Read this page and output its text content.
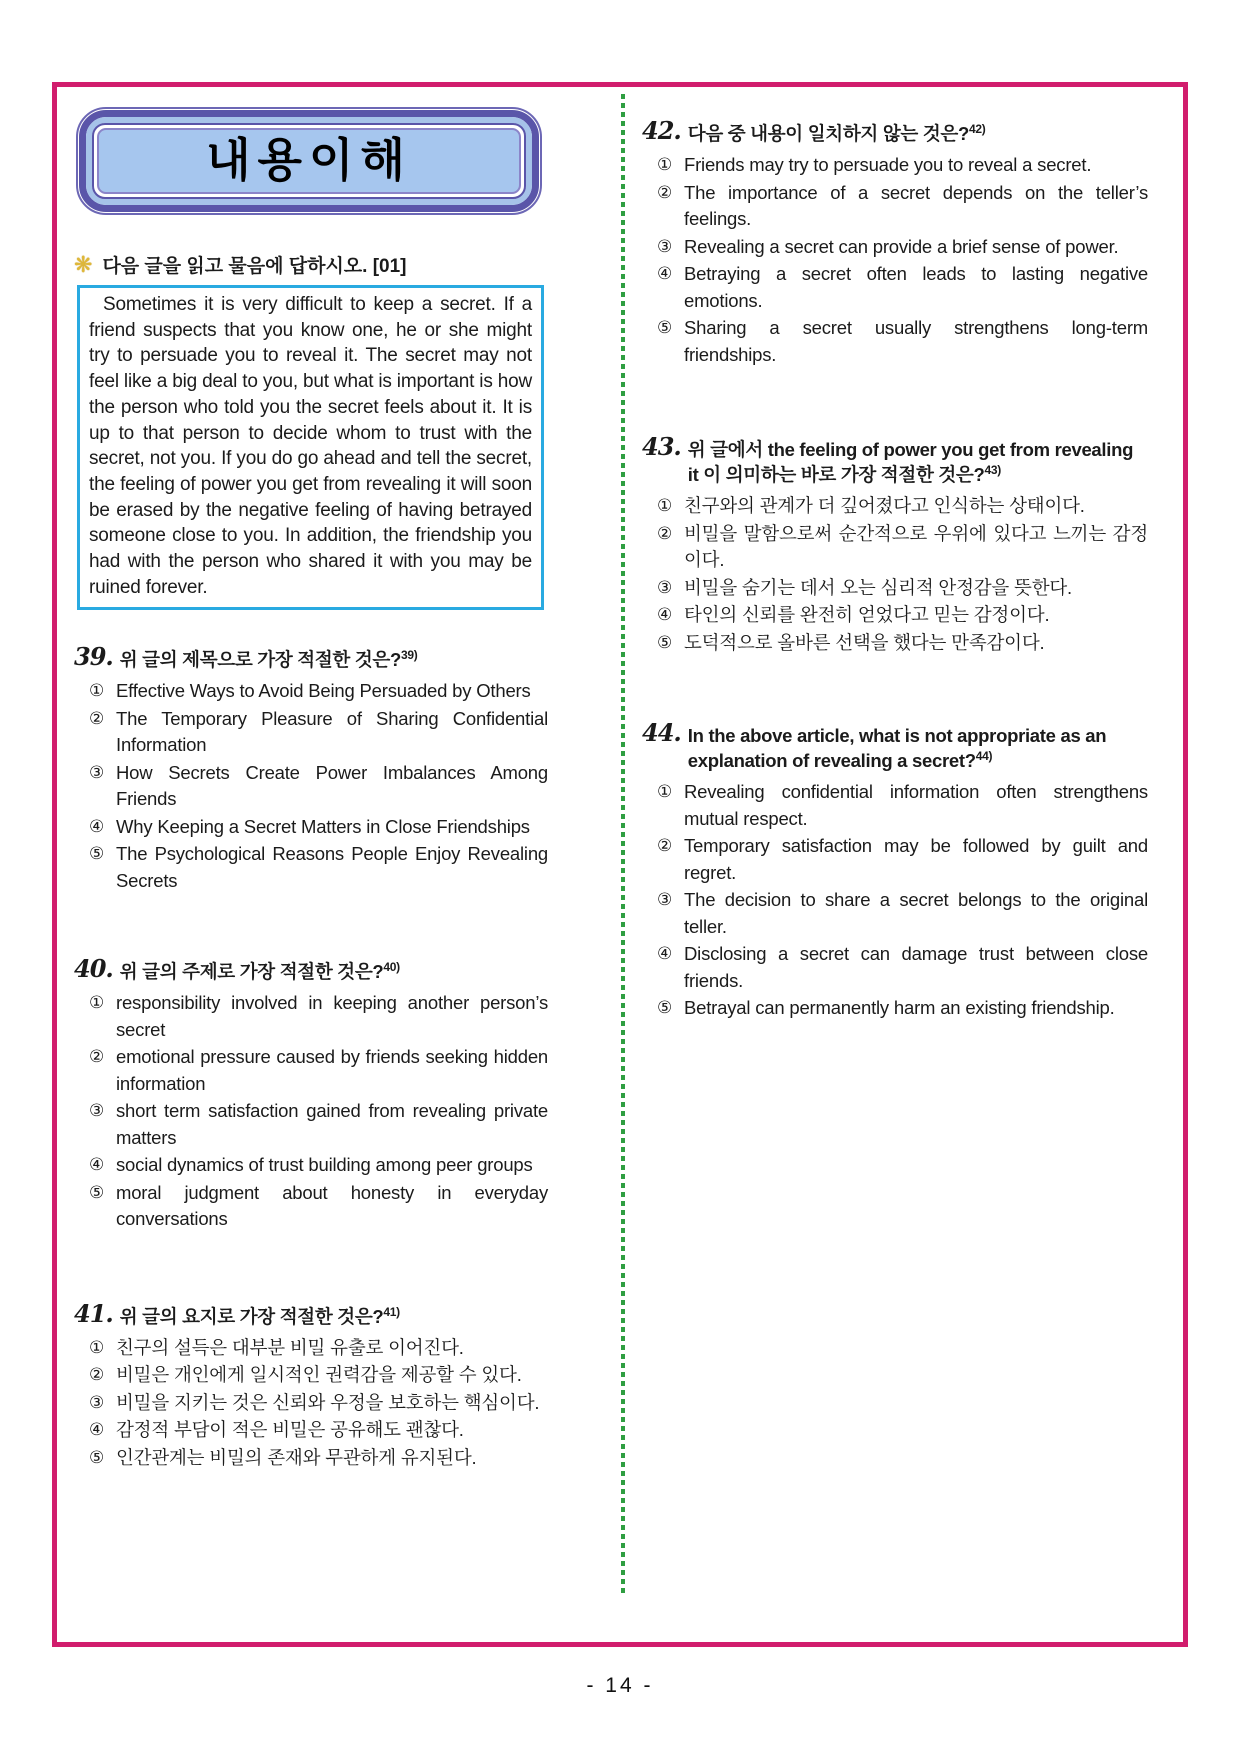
내용이해
❋ 다음 글을 읽고 물음에 답하시오. [01]

Sometimes it is very difficult to keep a secret. If a friend suspects that you know one, he or she might try to persuade you to reveal it. The secret may not feel like a big deal to you, but what is important is how the person who told you the secret feels about it. It is up to that person to decide whom to trust with the secret, not you. If you do go ahead and tell the secret, the feeling of power you get from revealing it will soon be erased by the negative feeling of having betrayed someone close to you. In addition, the friendship you had with the person who shared it with you may be ruined forever.

39. 위 글의 제목으로 가장 적절한 것은?$^{39)}$
① Effective Ways to Avoid Being Persuaded by Others
② The Temporary Pleasure of Sharing Confidential Information
③ How Secrets Create Power Imbalances Among Friends
④ Why Keeping a Secret Matters in Close Friendships
⑤ The Psychological Reasons People Enjoy Revealing Secrets
40. 위 글의 주제로 가장 적절한 것은?$^{40)}$
① responsibility involved in keeping another person’s secret
② emotional pressure caused by friends seeking hidden information
③ short term satisfaction gained from revealing private matters
④ social dynamics of trust building among peer groups
⑤ moral judgment about honesty in everyday conversations
41. 위 글의 요지로 가장 적절한 것은?$^{41)}$
① 친구의 설득은 대부분 비밀 유출로 이어진다.
② 비밀은 개인에게 일시적인 권력감을 제공할 수 있다.
③ 비밀을 지키는 것은 신뢰와 우정을 보호하는 핵심이다.
④ 감정적 부담이 적은 비밀은 공유해도 괜찮다.
⑤ 인간관계는 비밀의 존재와 무관하게 유지된다.
42. 다음 중 내용이 일치하지 않는 것은?$^{42)}$
① Friends may try to persuade you to reveal a secret.
② The importance of a secret depends on the teller’s feelings.
③ Revealing a secret can provide a brief sense of power.
④ Betraying a secret often leads to lasting negative emotions.
⑤ Sharing a secret usually strengthens long-term friendships.
43. 위 글에서 the feeling of power you get from revealing it 이 의미하는 바로 가장 적절한 것은?$^{43)}$
① 친구와의 관계가 더 깊어졌다고 인식하는 상태이다.
② 비밀을 말함으로써 순간적으로 우위에 있다고 느끼는 감정이다.
③ 비밀을 숨기는 데서 오는 심리적 안정감을 뜻한다.
④ 타인의 신뢰를 완전히 얻었다고 믿는 감정이다.
⑤ 도덕적으로 올바른 선택을 했다는 만족감이다.
44. In the above article, what is not appropriate as an explanation of revealing a secret?$^{44)}$
① Revealing confidential information often strengthens mutual respect.
② Temporary satisfaction may be followed by guilt and regret.
③ The decision to share a secret belongs to the original teller.
④ Disclosing a secret can damage trust between close friends.
⑤ Betrayal can permanently harm an existing friendship.
- 14 -
